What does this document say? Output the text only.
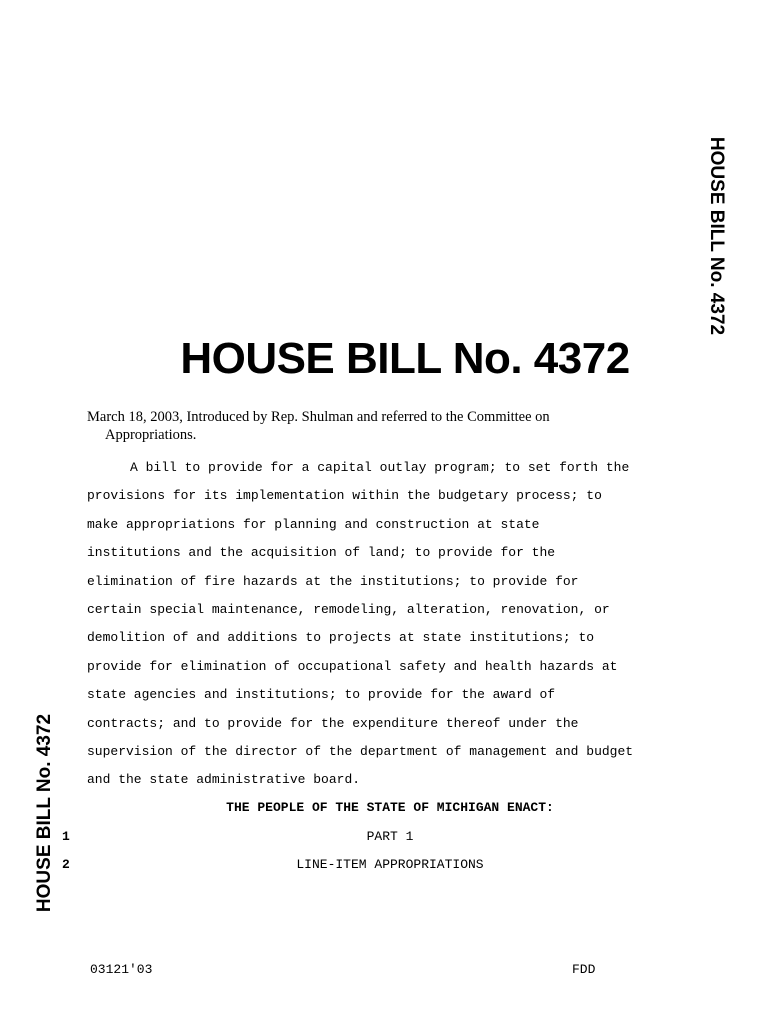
HOUSE BILL No. 4372
HOUSE BILL No. 4372
HOUSE BILL No. 4372
March 18, 2003, Introduced by Rep. Shulman and referred to the Committee on
Appropriations.
A bill to provide for a capital outlay program; to set forth the
provisions for its implementation within the budgetary process; to
make appropriations for planning and construction at state
institutions and the acquisition of land; to provide for the
elimination of fire hazards at the institutions; to provide for
certain special maintenance, remodeling, alteration, renovation, or
demolition of and additions to projects at state institutions; to
provide for elimination of occupational safety and health hazards at
state agencies and institutions; to provide for the award of
contracts; and to provide for the expenditure thereof under the
supervision of the director of the department of management and budget
and the state administrative board.
THE PEOPLE OF THE STATE OF MICHIGAN ENACT:
1	PART 1
2	LINE-ITEM APPROPRIATIONS
03121'03	FDD
